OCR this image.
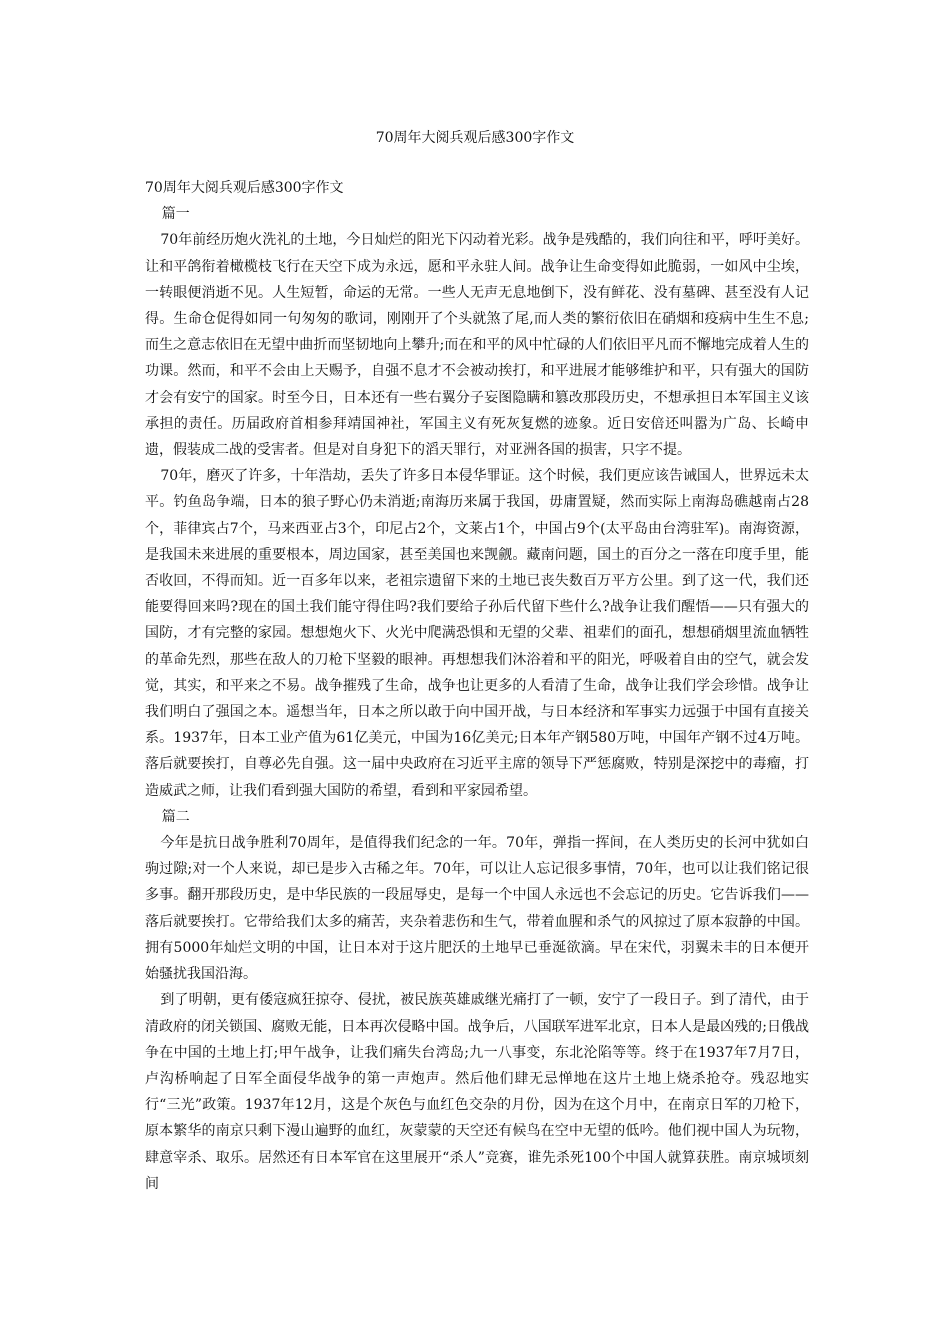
70周年大阅兵观后感300字作文

70周年大阅兵观后感300字作文

篇一

70年前经历炮火洗礼的土地，今日灿烂的阳光下闪动着光彩。战争是残酷的，我们向往和平，呼吁美好。让和平鸽衔着橄榄枝飞行在天空下成为永远，愿和平永驻人间。战争让生命变得如此脆弱，一如风中尘埃，一转眼便消逝不见。人生短暂，命运的无常。一些人无声无息地倒下，没有鲜花、没有墓碑、甚至没有人记得。生命仓促得如同一句匆匆的歌词，刚刚开了个头就煞了尾,而人类的繁衍依旧在硝烟和疫病中生生不息;而生之意志依旧在无望中曲折而坚韧地向上攀升;而在和平的风中忙碌的人们依旧平凡而不懈地完成着人生的功课。然而，和平不会由上天赐予，自强不息才不会被动挨打，和平进展才能够维护和平，只有强大的国防才会有安宁的国家。时至今日，日本还有一些右翼分子妄图隐瞒和篡改那段历史，不想承担日本军国主义该承担的责任。历届政府首相参拜靖国神社，军国主义有死灰复燃的迹象。近日安倍还叫嚣为广岛、长崎申遗，假装成二战的受害者。但是对自身犯下的滔天罪行，对亚洲各国的损害，只字不提。

70年，磨灭了许多，十年浩劫，丢失了许多日本侵华罪证。这个时候，我们更应该告诫国人，世界远未太平。钓鱼岛争端，日本的狼子野心仍未消逝;南海历来属于我国，毋庸置疑，然而实际上南海岛礁越南占28个，菲律宾占7个，马来西亚占3个，印尼占2个，文莱占1个，中国占9个(太平岛由台湾驻军)。南海资源，是我国未来进展的重要根本，周边国家，甚至美国也来觊觎。藏南问题，国土的百分之一落在印度手里，能否收回，不得而知。近一百多年以来，老祖宗遗留下来的土地已丧失数百万平方公里。到了这一代，我们还能要得回来吗?现在的国土我们能守得住吗?我们要给子孙后代留下些什么?战争让我们醒悟——只有强大的国防，才有完整的家园。想想炮火下、火光中爬满恐惧和无望的父辈、祖辈们的面孔，想想硝烟里流血牺牲的革命先烈，那些在敌人的刀枪下坚毅的眼神。再想想我们沐浴着和平的阳光，呼吸着自由的空气，就会发觉，其实，和平来之不易。战争摧残了生命，战争也让更多的人看清了生命，战争让我们学会珍惜。战争让我们明白了强国之本。遥想当年，日本之所以敢于向中国开战，与日本经济和军事实力远强于中国有直接关系。1937年，日本工业产值为61亿美元，中国为16亿美元;日本年产钢580万吨，中国年产钢不过4万吨。落后就要挨打，自尊必先自强。这一届中央政府在习近平主席的领导下严惩腐败，特别是深挖中的毒瘤，打造威武之师，让我们看到强大国防的希望，看到和平家园希望。

篇二

今年是抗日战争胜利70周年，是值得我们纪念的一年。70年，弹指一挥间，在人类历史的长河中犹如白驹过隙;对一个人来说，却已是步入古稀之年。70年，可以让人忘记很多事情，70年，也可以让我们铭记很多事。翻开那段历史，是中华民族的一段屈辱史，是每一个中国人永远也不会忘记的历史。它告诉我们——落后就要挨打。它带给我们太多的痛苦，夹杂着悲伤和生气，带着血腥和杀气的风掠过了原本寂静的中国。拥有5000年灿烂文明的中国，让日本对于这片肥沃的土地早已垂涎欲滴。早在宋代，羽翼未丰的日本便开始骚扰我国沿海。

到了明朝，更有倭寇疯狂掠夺、侵扰，被民族英雄戚继光痛打了一顿，安宁了一段日子。到了清代，由于清政府的闭关锁国、腐败无能，日本再次侵略中国。战争后，八国联军进军北京，日本人是最凶残的;日俄战争在中国的土地上打;甲午战争，让我们痛失台湾岛;九一八事变，东北沦陷等等。终于在1937年7月7日，卢沟桥响起了日军全面侵华战争的第一声炮声。然后他们肆无忌惮地在这片土地上烧杀抢夺。残忍地实行“三光”政策。1937年12月，这是个灰色与血红色交杂的月份，因为在这个月中，在南京日军的刀枪下，原本繁华的南京只剩下漫山遍野的血红，灰蒙蒙的天空还有候鸟在空中无望的低吟。他们视中国人为玩物，肆意宰杀、取乐。居然还有日本军官在这里展开“杀人”竞赛，谁先杀死100个中国人就算获胜。南京城顷刻间
